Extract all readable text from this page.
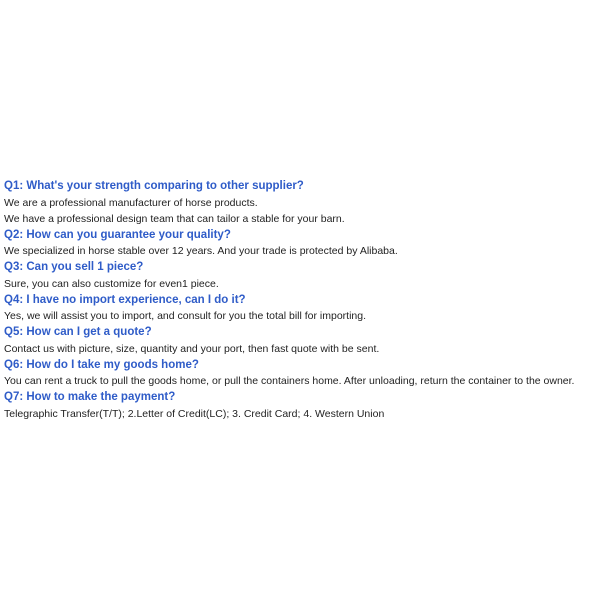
Q1: What's your strength comparing to other supplier?
We are a professional manufacturer of horse products.
We have a professional design team that can tailor a stable for your barn.
Q2: How can you guarantee your quality?
We specialized in horse stable over 12 years. And your trade is protected by Alibaba.
Q3: Can you sell 1 piece?
Sure, you can also customize for even1 piece.
Q4: I have no import experience, can I do it?
Yes, we will assist you to import, and consult for you the total bill for importing.
Q5: How can I get a quote?
Contact us with picture, size, quantity and your port, then fast quote with be sent.
Q6: How do I take my goods home?
You can rent a truck to pull the goods home, or pull the containers home. After unloading, return the container to the owner.
Q7: How to make the payment?
Telegraphic Transfer(T/T); 2.Letter of Credit(LC); 3. Credit Card; 4. Western Union
